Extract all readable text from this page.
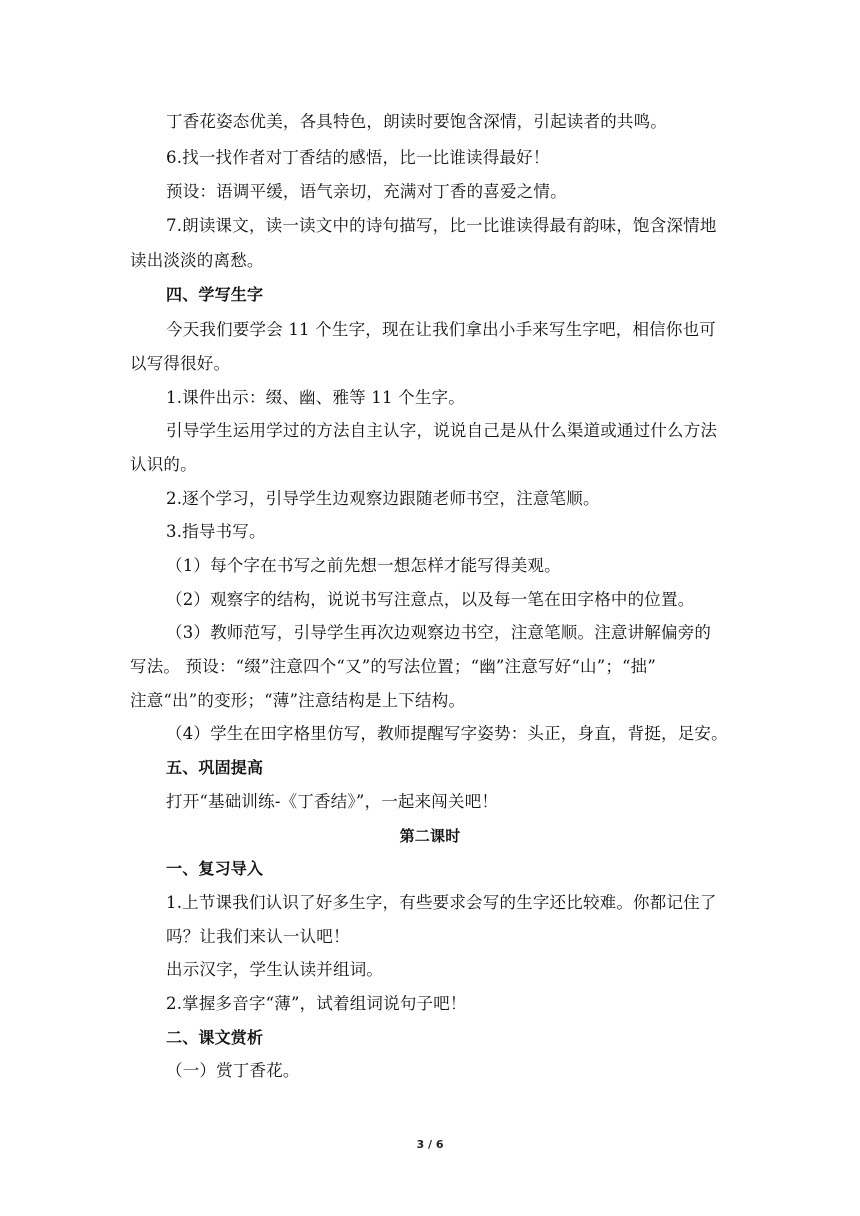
丁香花姿态优美，各具特色，朗读时要饱含深情，引起读者的共鸣。
6.找一找作者对丁香结的感悟，比一比谁读得最好！
预设：语调平缓，语气亲切，充满对丁香的喜爱之情。
7.朗读课文，读一读文中的诗句描写，比一比谁读得最有韵味，饱含深情地
读出淡淡的离愁。
四、学写生字
今天我们要学会 11 个生字，现在让我们拿出小手来写生字吧，相信你也可
以写得很好。
1.课件出示：缀、幽、雅等 11 个生字。
引导学生运用学过的方法自主认字，说说自己是从什么渠道或通过什么方法
认识的。
2.逐个学习，引导学生边观察边跟随老师书空，注意笔顺。
3.指导书写。
（1）每个字在书写之前先想一想怎样才能写得美观。
（2）观察字的结构，说说书写注意点，以及每一笔在田字格中的位置。
（3）教师范写，引导学生再次边观察边书空，注意笔顺。注意讲解偏旁的
写法。 预设：“缀”注意四个“又”的写法位置；“幽”注意写好“山”；“拙”
注意“出”的变形；“薄”注意结构是上下结构。
（4）学生在田字格里仿写，教师提醒写字姿势：头正，身直，背挺，足安。
五、巩固提高
打开“基础训练-《丁香结》”，一起来闯关吧！
第二课时
一、复习导入
1.上节课我们认识了好多生字，有些要求会写的生字还比较难。你都记住了
吗？让我们来认一认吧！
出示汉字，学生认读并组词。
2.掌握多音字“薄”，试着组词说句子吧！
二、课文赏析
（一）赏丁香花。
3 / 6
